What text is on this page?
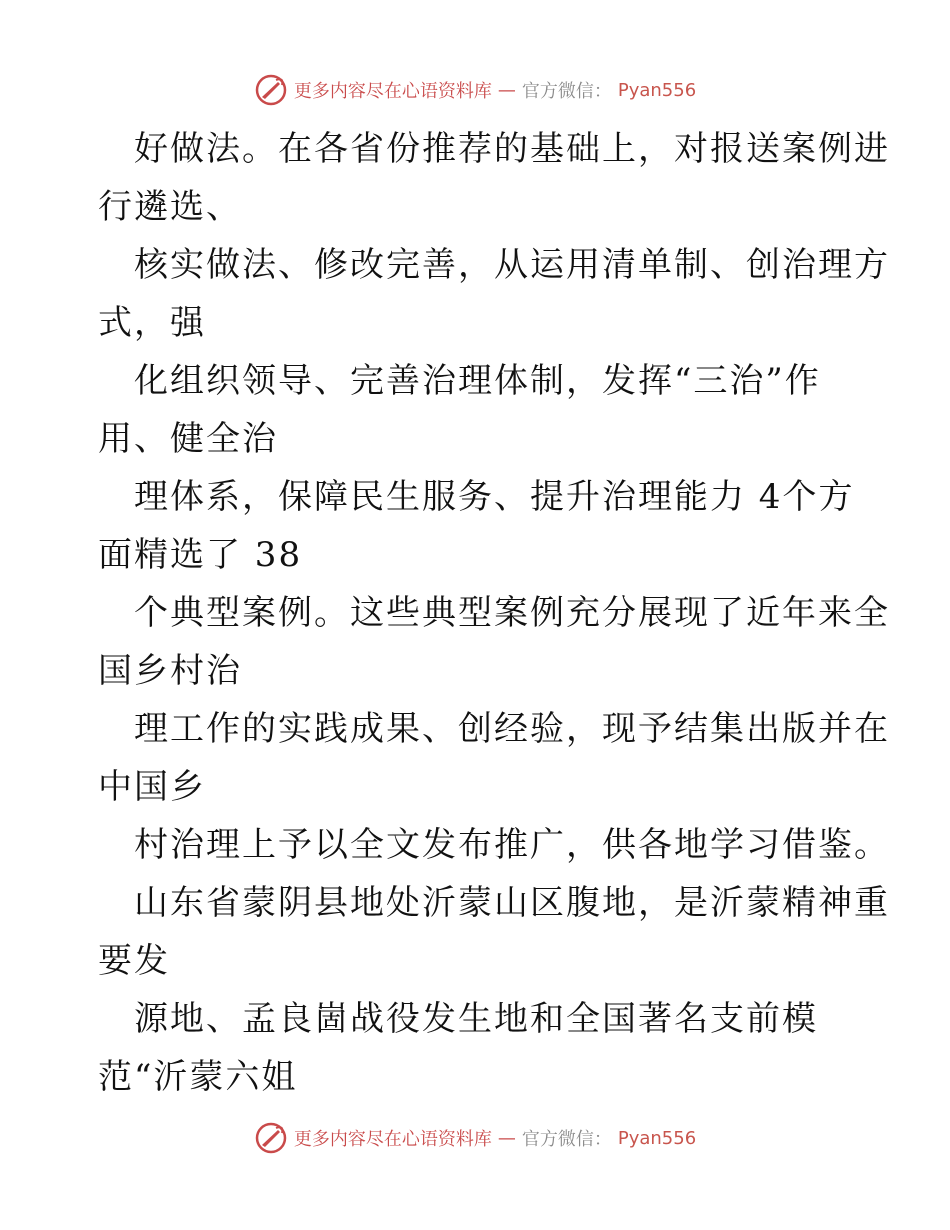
更多内容尽在心语资料库 — 官方微信： Pyan556
好做法。在各省份推荐的基础上，对报送案例进
行遴选、
核实做法、修改完善，从运用清单制、创治理方
式，强
化组织领导、完善治理体制，发挥“三治”作
用、健全治
理体系，保障民生服务、提升治理能力 4个方
面精选了 38
个典型案例。这些典型案例充分展现了近年来全
国乡村治
理工作的实践成果、创经验，现予结集出版并在
中国乡
村治理上予以全文发布推广，供各地学习借鉴。
山东省蒙阴县地处沂蒙山区腹地，是沂蒙精神重
要发
源地、孟良崮战役发生地和全国著名支前模
范“沂蒙六姐
更多内容尽在心语资料库 — 官方微信： Pyan556
